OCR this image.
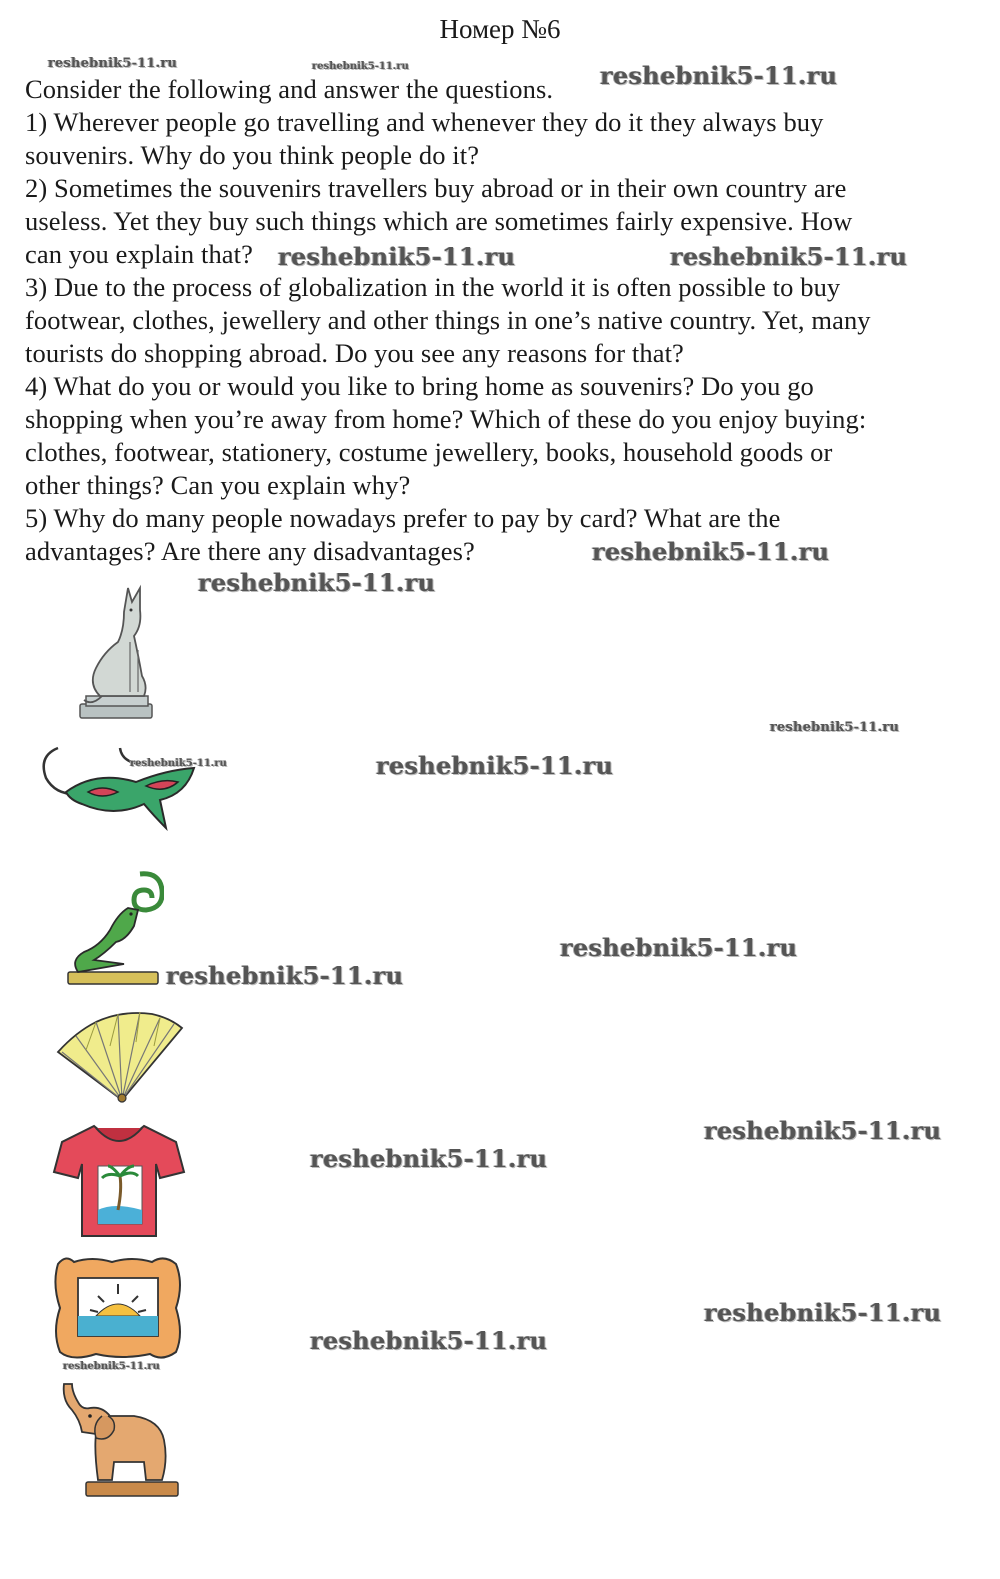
Номер №6
Consider the following and answer the questions.
1) Wherever people go travelling and whenever they do it they always buy
souvenirs. Why do you think people do it?
2) Sometimes the souvenirs travellers buy abroad or in their own country are
useless. Yet they buy such things which are sometimes fairly expensive. How
can you explain that?
3) Due to the process of globalization in the world it is often possible to buy
footwear, clothes, jewellery and other things in one’s native country. Yet, many
tourists do shopping abroad. Do you see any reasons for that?
4) What do you or would you like to bring home as souvenirs? Do you go
shopping when you’re away from home? Which of these do you enjoy buying:
clothes, footwear, stationery, costume jewellery, books, household goods or
other things? Can you explain why?
5) Why do many people nowadays prefer to pay by card? What are the
advantages? Are there any disadvantages?
reshebnik5-11.ru	reshebnik5-11.ru	reshebnik5-11.ru
reshebnik5-11.ru	reshebnik5-11.ru
reshebnik5-11.ru
reshebnik5-11.ru
reshebnik5-11.ru
reshebnik5-11.ru	reshebnik5-11.ru
reshebnik5-11.ru
reshebnik5-11.ru
reshebnik5-11.ru
reshebnik5-11.ru
reshebnik5-11.ru
reshebnik5-11.ru
reshebnik5-11.ru
